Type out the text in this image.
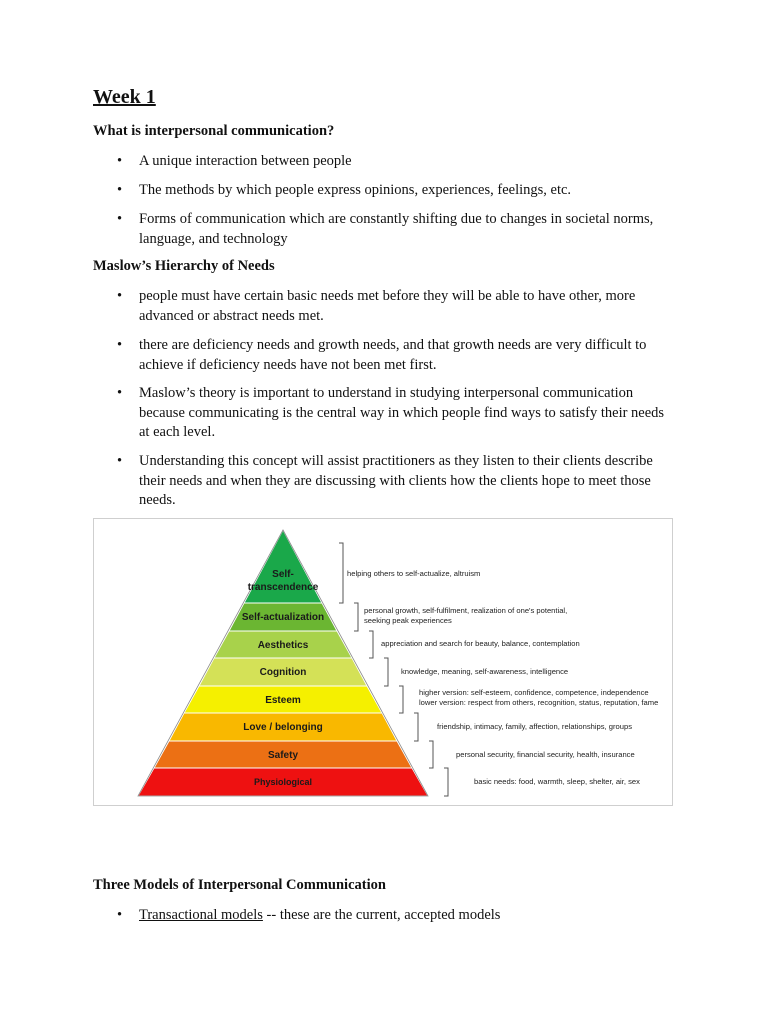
Week 1
What is interpersonal communication?
• A unique interaction between people
• The methods by which people express opinions, experiences, feelings, etc.
• Forms of communication which are constantly shifting due to changes in societal norms, language, and technology
Maslow’s Hierarchy of Needs
• people must have certain basic needs met before they will be able to have other, more advanced or abstract needs met.
• there are deficiency needs and growth needs, and that growth needs are very difficult to achieve if deficiency needs have not been met first.
• Maslow’s theory is important to understand in studying interpersonal communication because communicating is the central way in which people find ways to satisfy their needs at each level.
• Understanding this concept will assist practitioners as they listen to their clients describe their needs and when they are discussing with clients how the clients hope to meet those needs.
Self-
transcendence
Self-actualization
Aesthetics
Cognition
Esteem
Love / belonging
Safety
Physiological
helping others to self-actualize, altruism
personal growth, self-fulfilment, realization of one's potential,
seeking peak experiences
appreciation and search for beauty, balance, contemplation
knowledge, meaning, self-awareness, intelligence
higher version: self-esteem, confidence, competence, independence
lower version: respect from others, recognition, status, reputation, fame
friendship, intimacy, family, affection, relationships, groups
personal security, financial security, health, insurance
basic needs: food, warmth, sleep, shelter, air, sex
Three Models of Interpersonal Communication
• Transactional models -- these are the current, accepted models
